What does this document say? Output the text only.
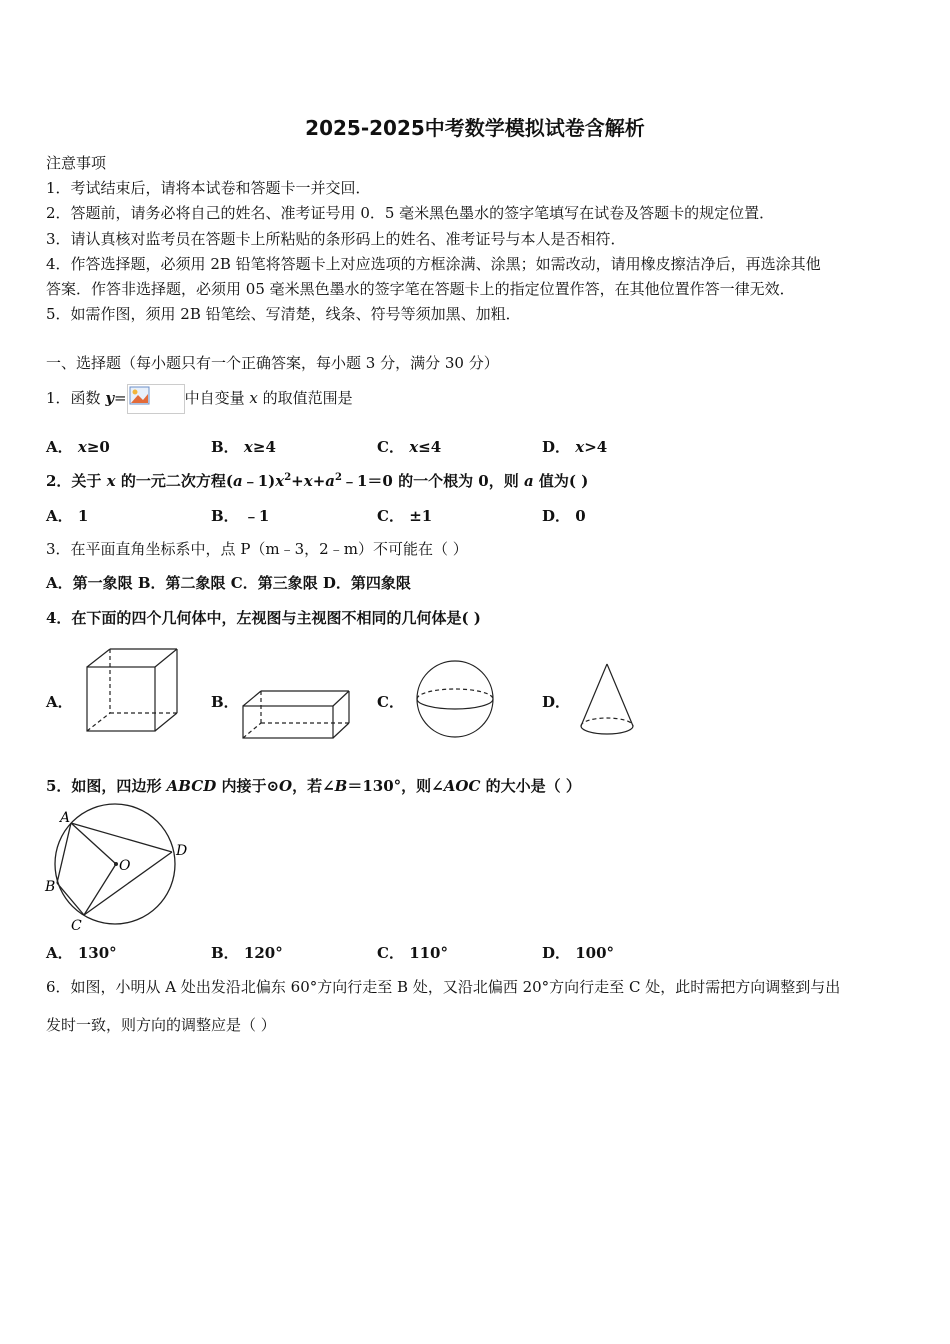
2025-2025中考数学模拟试卷含解析
注意事项
1．考试结束后，请将本试卷和答题卡一并交回．
2．答题前，请务必将自己的姓名、准考证号用 0．5 毫米黑色墨水的签字笔填写在试卷及答题卡的规定位置．
3．请认真核对监考员在答题卡上所粘贴的条形码上的姓名、准考证号与本人是否相符．
4．作答选择题，必须用 2B 铅笔将答题卡上对应选项的方框涂满、涂黑；如需改动，请用橡皮擦洁净后，再选涂其他
答案．作答非选择题，必须用 05 毫米黑色墨水的签字笔在答题卡上的指定位置作答，在其他位置作答一律无效．
5．如需作图，须用 2B 铅笔绘、写清楚，线条、符号等须加黑、加粗．
一、选择题（每小题只有一个正确答案，每小题 3 分，满分 30 分）
1．函数 y=	中自变量 x 的取值范围是
A． x≥0	B． x≥4	C． x≤4	D． x>4
2．关于 x 的一元二次方程$(a﹣1)x^2+x+a^2﹣1=0$ 的一个根为 0，则 a 值为( )
A． 1	B． ﹣1	C． ±1	D． 0
3．在平面直角坐标系中，点 P（m﹣3，2﹣m）不可能在（ ）
A．第一象限 B．第二象限 C．第三象限 D．第四象限
4．在下面的四个几何体中，左视图与主视图不相同的几何体是( )
A．	B．	C．	D．
5．如图，四边形 ABCD 内接于⊙O，若∠B＝130°，则∠AOC 的大小是（ ）
A
B
C
D
O
A． 130°	B． 120°	C． 110°	D． 100°
6．如图，小明从 A 处出发沿北偏东 60°方向行走至 B 处，又沿北偏西 20°方向行走至 C 处，此时需把方向调整到与出
发时一致，则方向的调整应是（ ）
